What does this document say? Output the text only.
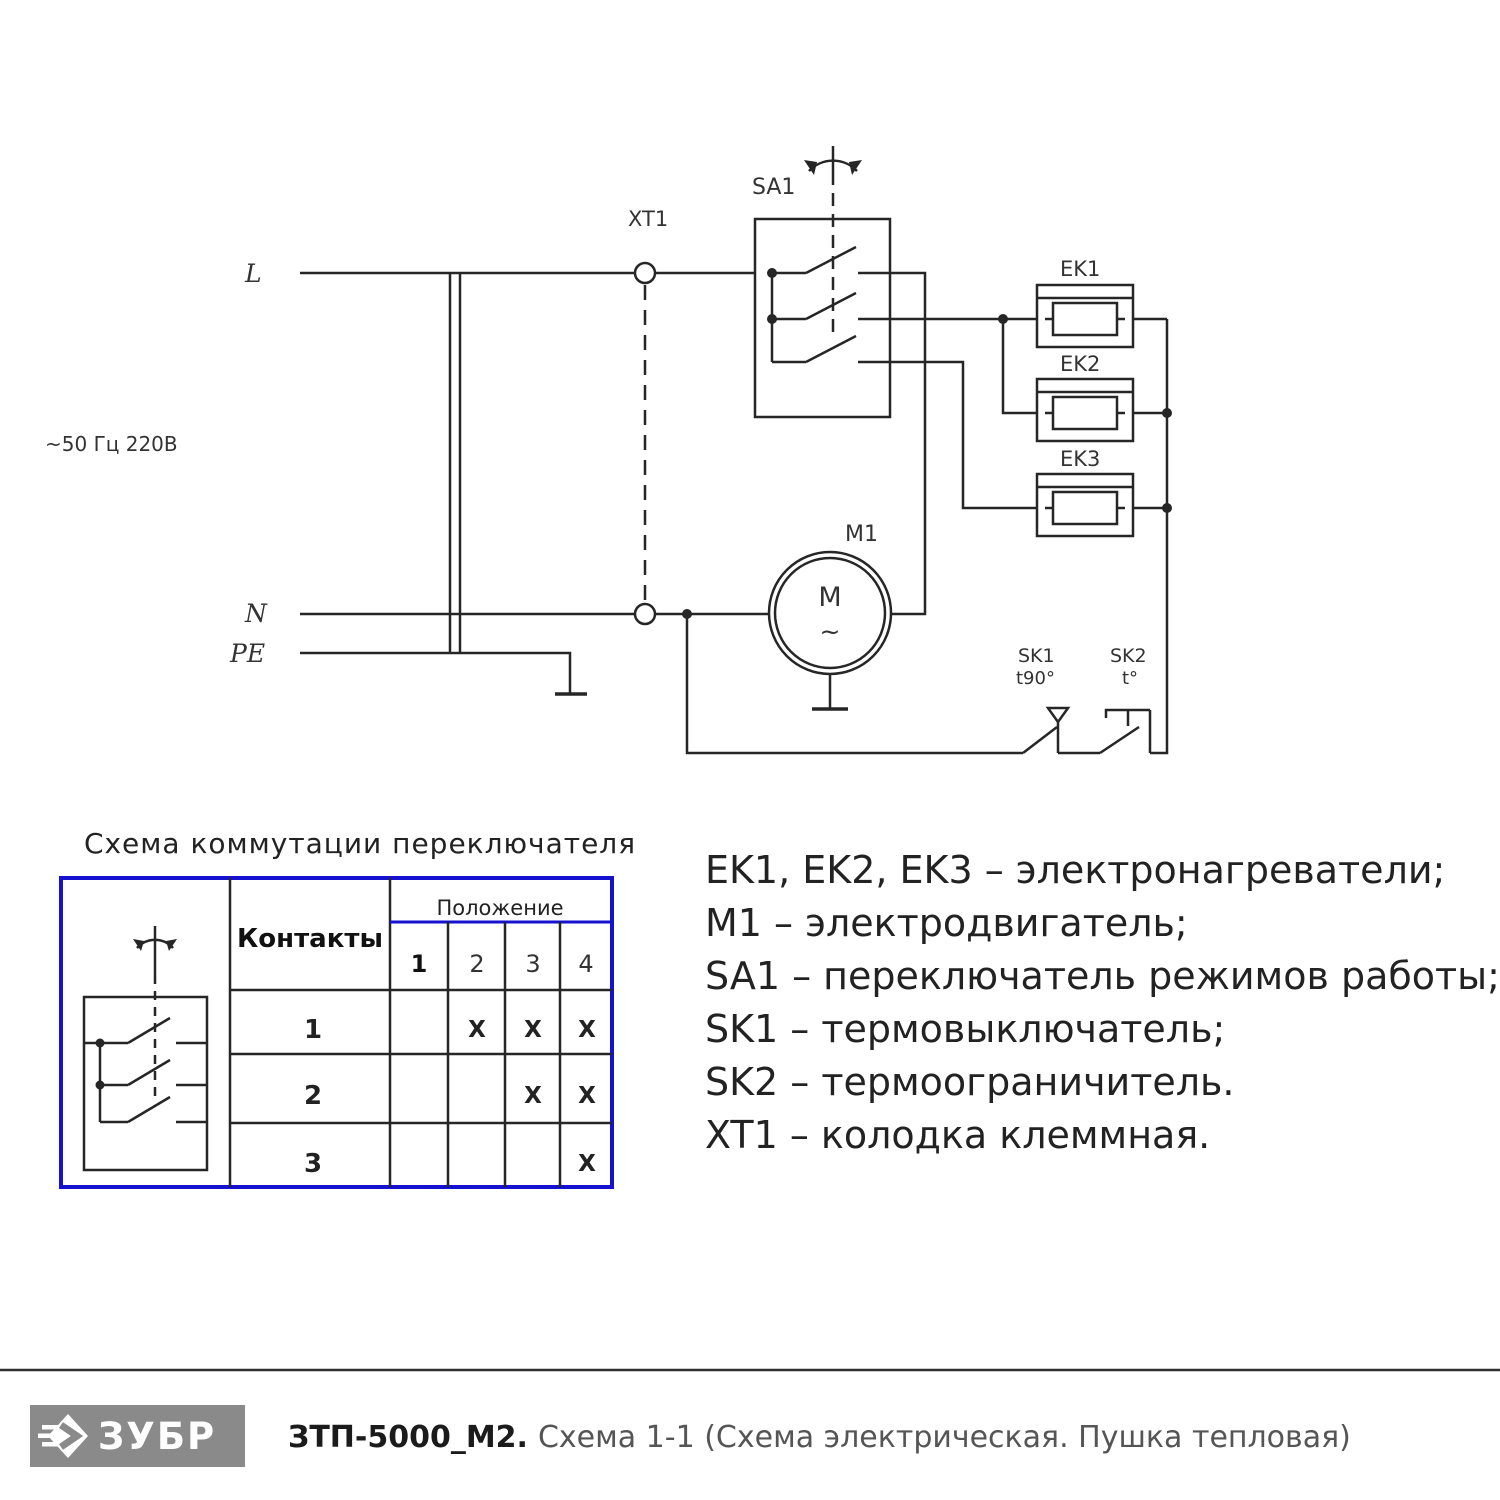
L
N
PE
~50 Гц 220В
XT1
SA1
EK1
EK2
EK3
M1
M
~
SK1
t90°
SK2
t°
Схема коммутации переключателя
Контакты
Положение
1 2 3 4
1
2
3
X X X
X X
X
EK1, EK2, EK3 – электронагреватели;
M1 – электродвигатель;
SA1 – переключатель режимов работы;
SK1 – термовыключатель;
SK2 – термоограничитель.
XT1 – колодка клеммная.
ЗУБР ЗТП-5000_М2. Схема 1-1 (Схема электрическая. Пушка тепловая)
